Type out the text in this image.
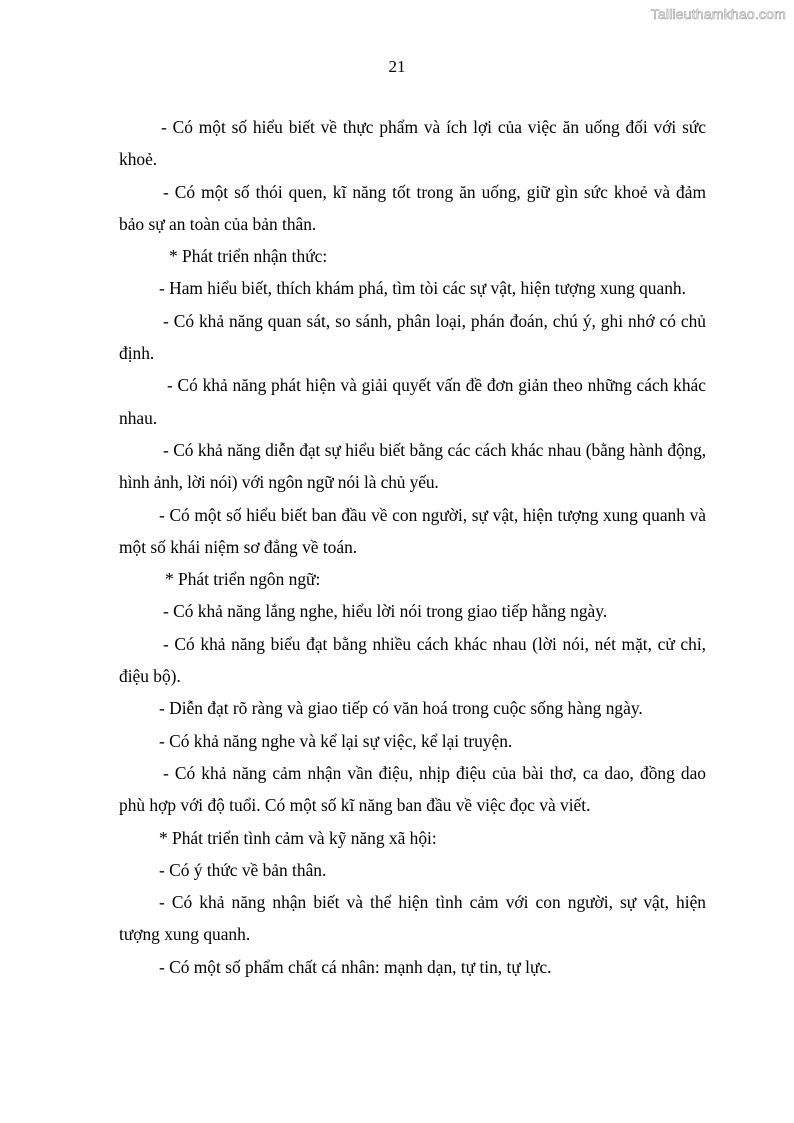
Tailieuthamkhao.com
21

- Có một số hiểu biết về thực phẩm và ích lợi của việc ăn uống đối với sức khoẻ.

- Có một số thói quen, kĩ năng tốt trong ăn uống, giữ gìn sức khoẻ và đảm bảo sự an toàn của bản thân.

* Phát triển nhận thức:

- Ham hiểu biết, thích khám phá, tìm tòi các sự vật, hiện tượng xung quanh.

- Có khả năng quan sát, so sánh, phân loại, phán đoán, chú ý, ghi nhớ có chủ định.

- Có khả năng phát hiện và giải quyết vấn đề đơn giản theo những cách khác nhau.

- Có khả năng diễn đạt sự hiểu biết bằng các cách khác nhau (bằng hành động, hình ảnh, lời nói) với ngôn ngữ nói là chủ yếu.

- Có một số hiểu biết ban đầu về con người, sự vật, hiện tượng xung quanh và một số khái niệm sơ đẳng về toán.

* Phát triển ngôn ngữ:

- Có khả năng lắng nghe, hiểu lời nói trong giao tiếp hằng ngày.

- Có khả năng biểu đạt bằng nhiều cách khác nhau (lời nói, nét mặt, cử chỉ, điệu bộ).

- Diễn đạt rõ ràng và giao tiếp có văn hoá trong cuộc sống hàng ngày.

- Có khả năng nghe và kể lại sự việc, kể lại truyện.

- Có khả năng cảm nhận vần điệu, nhịp điệu của bài thơ, ca dao, đồng dao phù hợp với độ tuổi. Có một số kĩ năng ban đầu về việc đọc và viết.

* Phát triển tình cảm và kỹ năng xã hội:

- Có ý thức về bản thân.

- Có khả năng nhận biết và thể hiện tình cảm với con người, sự vật, hiện tượng xung quanh.

- Có một số phẩm chất cá nhân: mạnh dạn, tự tin, tự lực.
